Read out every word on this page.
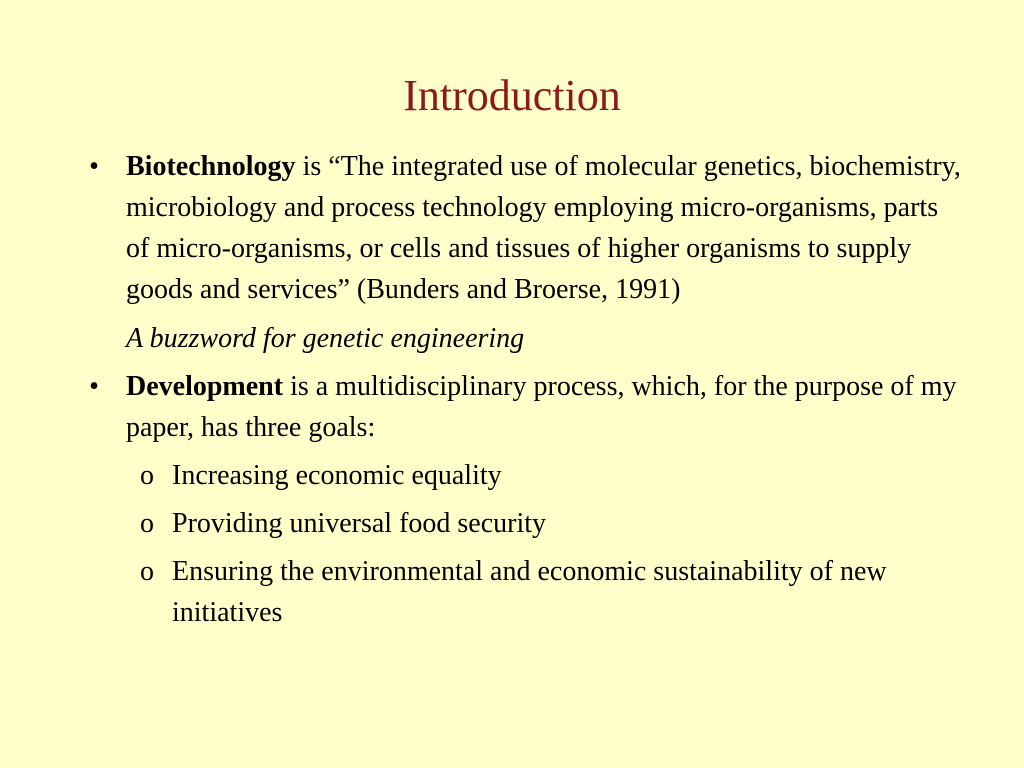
Introduction
• Biotechnology is “The integrated use of molecular genetics, biochemistry, microbiology and process technology employing micro-organisms, parts of micro-organisms, or cells and tissues of higher organisms to supply goods and services” (Bunders and Broerse, 1991)
A buzzword for genetic engineering
• Development is a multidisciplinary process, which, for the purpose of my paper, has three goals:
o Increasing economic equality
o Providing universal food security
o Ensuring the environmental and economic sustainability of new initiatives
